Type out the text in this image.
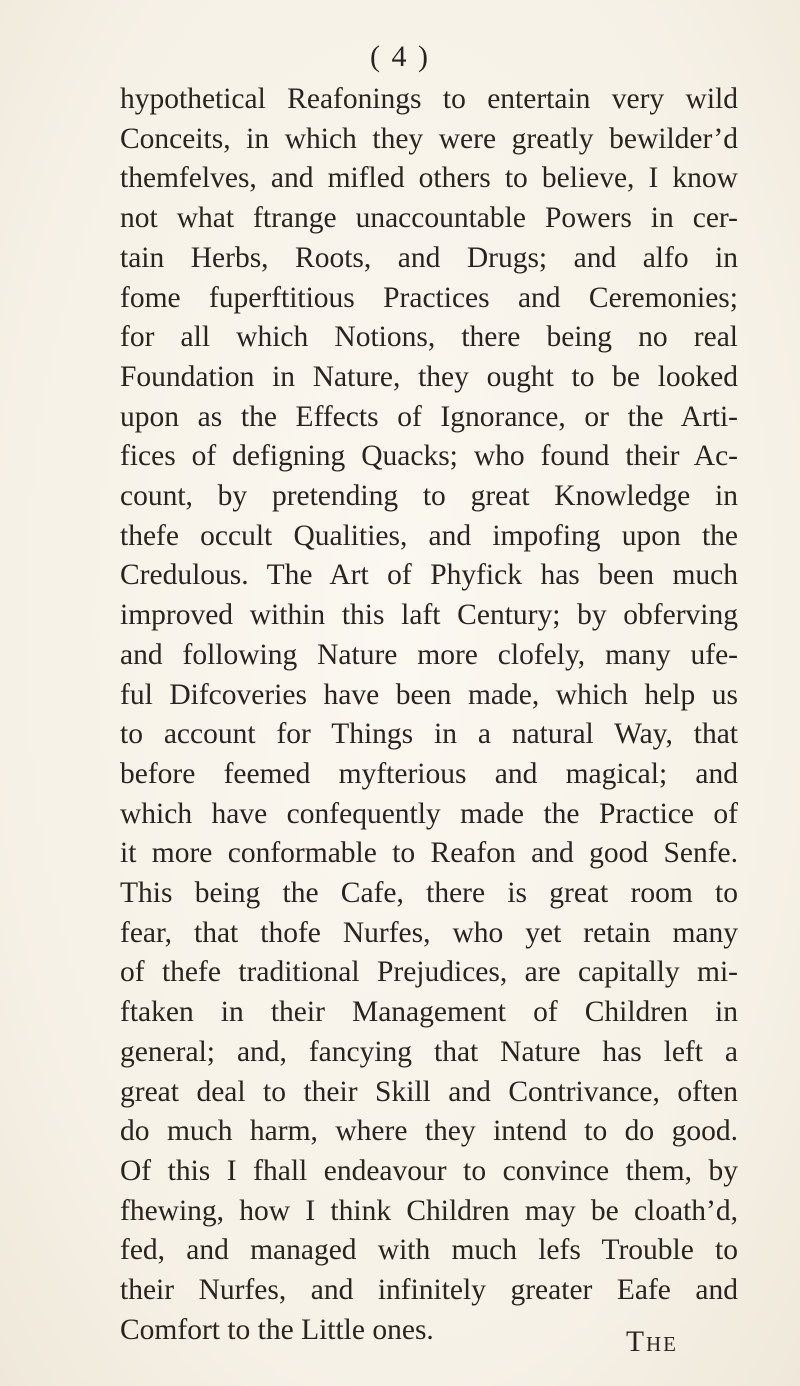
( 4 )
hypothetical Reafonings to entertain very wild
Conceits, in which they were greatly bewilder’d
themfelves, and mifled others to believe, I know
not what ftrange unaccountable Powers in cer-
tain Herbs, Roots, and Drugs; and alfo in
fome fuperftitious Practices and Ceremonies;
for all which Notions, there being no real
Foundation in Nature, they ought to be looked
upon as the Effects of Ignorance, or the Arti-
fices of defigning Quacks; who found their Ac-
count, by pretending to great Knowledge in
thefe occult Qualities, and impofing upon the
Credulous. The Art of Phyfick has been much
improved within this laft Century; by obferving
and following Nature more clofely, many ufe-
ful Difcoveries have been made, which help us
to account for Things in a natural Way, that
before feemed myfterious and magical; and
which have confequently made the Practice of
it more conformable to Reafon and good Senfe.
This being the Cafe, there is great room to
fear, that thofe Nurfes, who yet retain many
of thefe traditional Prejudices, are capitally mi-
ftaken in their Management of Children in
general; and, fancying that Nature has left a
great deal to their Skill and Contrivance, often
do much harm, where they intend to do good.
Of this I fhall endeavour to convince them, by
fhewing, how I think Children may be cloath’d,
fed, and managed with much lefs Trouble to
their Nurfes, and infinitely greater Eafe and
Comfort to the Little ones.	The
